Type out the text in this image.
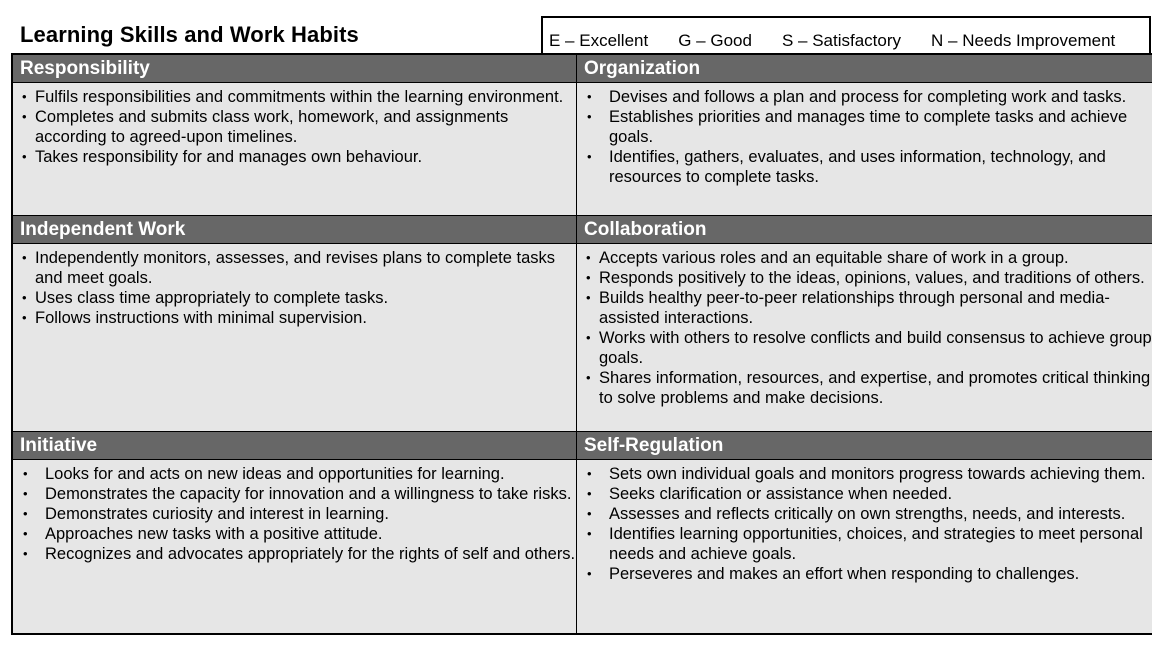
Learning Skills and Work Habits	E – Excellent G – Good S – Satisfactory N – Needs Improvement
Responsibility
• Fulfils responsibilities and commitments within the learning environment.
• Completes and submits class work, homework, and assignments according to agreed-upon timelines.
• Takes responsibility for and manages own behaviour.
Organization
• Devises and follows a plan and process for completing work and tasks.
• Establishes priorities and manages time to complete tasks and achieve goals.
• Identifies, gathers, evaluates, and uses information, technology, and resources to complete tasks.
Independent Work
• Independently monitors, assesses, and revises plans to complete tasks and meet goals.
• Uses class time appropriately to complete tasks.
• Follows instructions with minimal supervision.
Collaboration
• Accepts various roles and an equitable share of work in a group.
• Responds positively to the ideas, opinions, values, and traditions of others.
• Builds healthy peer-to-peer relationships through personal and media-assisted interactions.
• Works with others to resolve conflicts and build consensus to achieve group goals.
• Shares information, resources, and expertise, and promotes critical thinking to solve problems and make decisions.
Initiative
• Looks for and acts on new ideas and opportunities for learning.
• Demonstrates the capacity for innovation and a willingness to take risks.
• Demonstrates curiosity and interest in learning.
• Approaches new tasks with a positive attitude.
• Recognizes and advocates appropriately for the rights of self and others.
Self-Regulation
• Sets own individual goals and monitors progress towards achieving them.
• Seeks clarification or assistance when needed.
• Assesses and reflects critically on own strengths, needs, and interests.
• Identifies learning opportunities, choices, and strategies to meet personal needs and achieve goals.
• Perseveres and makes an effort when responding to challenges.
